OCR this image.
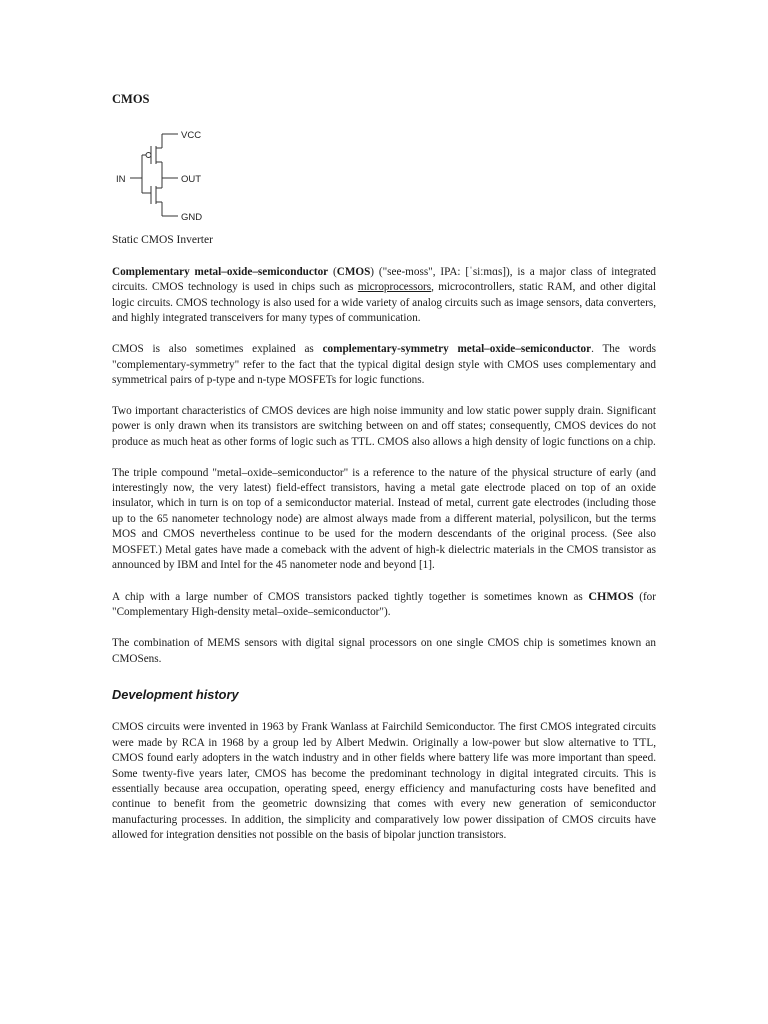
CMOS
VCC
IN	OUT
GND

Static CMOS Inverter

Complementary metal–oxide–semiconductor (CMOS) ("see-moss", IPA: [ˈsiːmɑs]), is a major class of integrated circuits. CMOS technology is used in chips such as microprocessors, microcontrollers, static RAM, and other digital logic circuits. CMOS technology is also used for a wide variety of analog circuits such as image sensors, data converters, and highly integrated transceivers for many types of communication.

CMOS is also sometimes explained as complementary-symmetry metal–oxide–semiconductor. The words "complementary-symmetry" refer to the fact that the typical digital design style with CMOS uses complementary and symmetrical pairs of p-type and n-type MOSFETs for logic functions.

Two important characteristics of CMOS devices are high noise immunity and low static power supply drain. Significant power is only drawn when its transistors are switching between on and off states; consequently, CMOS devices do not produce as much heat as other forms of logic such as TTL. CMOS also allows a high density of logic functions on a chip.

The triple compound "metal–oxide–semiconductor" is a reference to the nature of the physical structure of early (and interestingly now, the very latest) field-effect transistors, having a metal gate electrode placed on top of an oxide insulator, which in turn is on top of a semiconductor material. Instead of metal, current gate electrodes (including those up to the 65 nanometer technology node) are almost always made from a different material, polysilicon, but the terms MOS and CMOS nevertheless continue to be used for the modern descendants of the original process. (See also MOSFET.) Metal gates have made a comeback with the advent of high-k dielectric materials in the CMOS transistor as announced by IBM and Intel for the 45 nanometer node and beyond [1].

A chip with a large number of CMOS transistors packed tightly together is sometimes known as CHMOS (for "Complementary High-density metal–oxide–semiconductor").

The combination of MEMS sensors with digital signal processors on one single CMOS chip is sometimes known an CMOSens.

Development history

CMOS circuits were invented in 1963 by Frank Wanlass at Fairchild Semiconductor. The first CMOS integrated circuits were made by RCA in 1968 by a group led by Albert Medwin. Originally a low-power but slow alternative to TTL, CMOS found early adopters in the watch industry and in other fields where battery life was more important than speed. Some twenty-five years later, CMOS has become the predominant technology in digital integrated circuits. This is essentially because area occupation, operating speed, energy efficiency and manufacturing costs have benefited and continue to benefit from the geometric downsizing that comes with every new generation of semiconductor manufacturing processes. In addition, the simplicity and comparatively low power dissipation of CMOS circuits have allowed for integration densities not possible on the basis of bipolar junction transistors.
